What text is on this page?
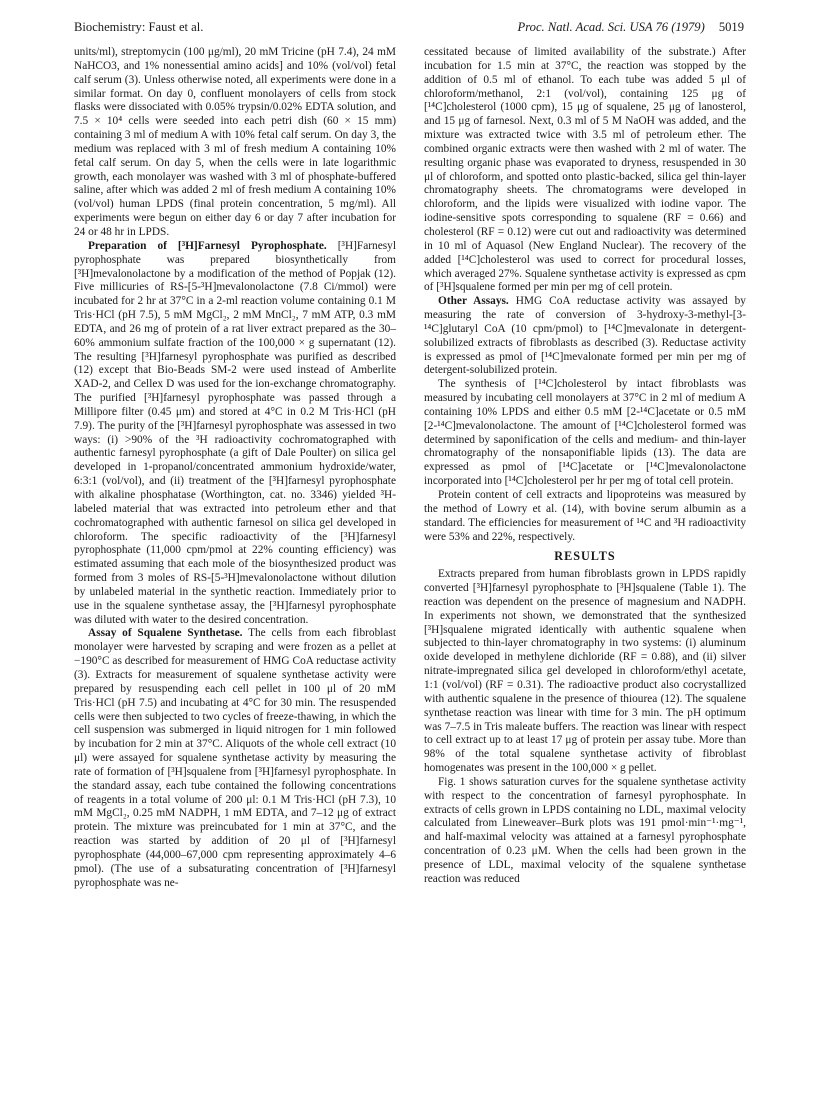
Biochemistry: Faust et al.	Proc. Natl. Acad. Sci. USA 76 (1979) 5019

units/ml), streptomycin (100 μg/ml), 20 mM Tricine (pH 7.4), 24 mM NaHCO3, and 1% nonessential amino acids] and 10% (vol/vol) fetal calf serum (3). Unless otherwise noted, all experiments were done in a similar format. On day 0, confluent monolayers of cells from stock flasks were dissociated with 0.05% trypsin/0.02% EDTA solution, and 7.5 × 10⁴ cells were seeded into each petri dish (60 × 15 mm) containing 3 ml of medium A with 10% fetal calf serum. On day 3, the medium was replaced with 3 ml of fresh medium A containing 10% fetal calf serum. On day 5, when the cells were in late logarithmic growth, each monolayer was washed with 3 ml of phosphate-buffered saline, after which was added 2 ml of fresh medium A containing 10% (vol/vol) human LPDS (final protein concentration, 5 mg/ml). All experiments were begun on either day 6 or day 7 after incubation for 24 or 48 hr in LPDS.

Preparation of [³H]Farnesyl Pyrophosphate. [³H]Farnesyl pyrophosphate was prepared biosynthetically from [³H]mevalonolactone by a modification of the method of Popjak (12). Five millicuries of RS-[5-³H]mevalonolactone (7.8 Ci/mmol) were incubated for 2 hr at 37°C in a 2-ml reaction volume containing 0.1 M Tris·HCl (pH 7.5), 5 mM MgCl₂, 2 mM MnCl₂, 7 mM ATP, 0.3 mM EDTA, and 26 mg of protein of a rat liver extract prepared as the 30–60% ammonium sulfate fraction of the 100,000 × g supernatant (12). The resulting [³H]farnesyl pyrophosphate was purified as described (12) except that Bio-Beads SM-2 were used instead of Amberlite XAD-2, and Cellex D was used for the ion-exchange chromatography. The purified [³H]farnesyl pyrophosphate was passed through a Millipore filter (0.45 μm) and stored at 4°C in 0.2 M Tris·HCl (pH 7.9). The purity of the [³H]farnesyl pyrophosphate was assessed in two ways: (i) >90% of the ³H radioactivity cochromatographed with authentic farnesyl pyrophosphate (a gift of Dale Poulter) on silica gel developed in 1-propanol/concentrated ammonium hydroxide/water, 6:3:1 (vol/vol), and (ii) treatment of the [³H]farnesyl pyrophosphate with alkaline phosphatase (Worthington, cat. no. 3346) yielded ³H-labeled material that was extracted into petroleum ether and that cochromatographed with authentic farnesol on silica gel developed in chloroform. The specific radioactivity of the [³H]farnesyl pyrophosphate (11,000 cpm/pmol at 22% counting efficiency) was estimated assuming that each mole of the biosynthesized product was formed from 3 moles of RS-[5-³H]mevalonolactone without dilution by unlabeled material in the synthetic reaction. Immediately prior to use in the squalene synthetase assay, the [³H]farnesyl pyrophosphate was diluted with water to the desired concentration.

Assay of Squalene Synthetase. The cells from each fibroblast monolayer were harvested by scraping and were frozen as a pellet at −190°C as described for measurement of HMG CoA reductase activity (3). Extracts for measurement of squalene synthetase activity were prepared by resuspending each cell pellet in 100 μl of 20 mM Tris·HCl (pH 7.5) and incubating at 4°C for 30 min. The resuspended cells were then subjected to two cycles of freeze-thawing, in which the cell suspension was submerged in liquid nitrogen for 1 min followed by incubation for 2 min at 37°C. Aliquots of the whole cell extract (10 μl) were assayed for squalene synthetase activity by measuring the rate of formation of [³H]squalene from [³H]farnesyl pyrophosphate. In the standard assay, each tube contained the following concentrations of reagents in a total volume of 200 μl: 0.1 M Tris·HCl (pH 7.3), 10 mM MgCl₂, 0.25 mM NADPH, 1 mM EDTA, and 7–12 μg of extract protein. The mixture was preincubated for 1 min at 37°C, and the reaction was started by addition of 20 μl of [³H]farnesyl pyrophosphate (44,000–67,000 cpm representing approximately 4–6 pmol). (The use of a subsaturating concentration of [³H]farnesyl pyrophosphate was ne-

cessitated because of limited availability of the substrate.) After incubation for 1.5 min at 37°C, the reaction was stopped by the addition of 0.5 ml of ethanol. To each tube was added 5 μl of chloroform/methanol, 2:1 (vol/vol), containing 125 μg of [¹⁴C]cholesterol (1000 cpm), 15 μg of squalene, 25 μg of lanosterol, and 15 μg of farnesol. Next, 0.3 ml of 5 M NaOH was added, and the mixture was extracted twice with 3.5 ml of petroleum ether. The combined organic extracts were then washed with 2 ml of water. The resulting organic phase was evaporated to dryness, resuspended in 30 μl of chloroform, and spotted onto plastic-backed, silica gel thin-layer chromatography sheets. The chromatograms were developed in chloroform, and the lipids were visualized with iodine vapor. The iodine-sensitive spots corresponding to squalene (RF = 0.66) and cholesterol (RF = 0.12) were cut out and radioactivity was determined in 10 ml of Aquasol (New England Nuclear). The recovery of the added [¹⁴C]cholesterol was used to correct for procedural losses, which averaged 27%. Squalene synthetase activity is expressed as cpm of [³H]squalene formed per min per mg of cell protein.

Other Assays. HMG CoA reductase activity was assayed by measuring the rate of conversion of 3-hydroxy-3-methyl-[3-¹⁴C]glutaryl CoA (10 cpm/pmol) to [¹⁴C]mevalonate in detergent-solubilized extracts of fibroblasts as described (3). Reductase activity is expressed as pmol of [¹⁴C]mevalonate formed per min per mg of detergent-solubilized protein.

The synthesis of [¹⁴C]cholesterol by intact fibroblasts was measured by incubating cell monolayers at 37°C in 2 ml of medium A containing 10% LPDS and either 0.5 mM [2-¹⁴C]acetate or 0.5 mM [2-¹⁴C]mevalonolactone. The amount of [¹⁴C]cholesterol formed was determined by saponification of the cells and medium- and thin-layer chromatography of the nonsaponifiable lipids (13). The data are expressed as pmol of [¹⁴C]acetate or [¹⁴C]mevalonolactone incorporated into [¹⁴C]cholesterol per hr per mg of total cell protein.

Protein content of cell extracts and lipoproteins was measured by the method of Lowry et al. (14), with bovine serum albumin as a standard. The efficiencies for measurement of ¹⁴C and ³H radioactivity were 53% and 22%, respectively.

RESULTS

Extracts prepared from human fibroblasts grown in LPDS rapidly converted [³H]farnesyl pyrophosphate to [³H]squalene (Table 1). The reaction was dependent on the presence of magnesium and NADPH. In experiments not shown, we demonstrated that the synthesized [³H]squalene migrated identically with authentic squalene when subjected to thin-layer chromatography in two systems: (i) aluminum oxide developed in methylene dichloride (RF = 0.88), and (ii) silver nitrate-impregnated silica gel developed in chloroform/ethyl acetate, 1:1 (vol/vol) (RF = 0.31). The radioactive product also cocrystallized with authentic squalene in the presence of thiourea (12). The squalene synthetase reaction was linear with time for 3 min. The pH optimum was 7–7.5 in Tris maleate buffers. The reaction was linear with respect to cell extract up to at least 17 μg of protein per assay tube. More than 98% of the total squalene synthetase activity of fibroblast homogenates was present in the 100,000 × g pellet.

Fig. 1 shows saturation curves for the squalene synthetase activity with respect to the concentration of farnesyl pyrophosphate. In extracts of cells grown in LPDS containing no LDL, maximal velocity calculated from Lineweaver–Burk plots was 191 pmol·min⁻¹·mg⁻¹, and half-maximal velocity was attained at a farnesyl pyrophosphate concentration of 0.23 μM. When the cells had been grown in the presence of LDL, maximal velocity of the squalene synthetase reaction was reduced
